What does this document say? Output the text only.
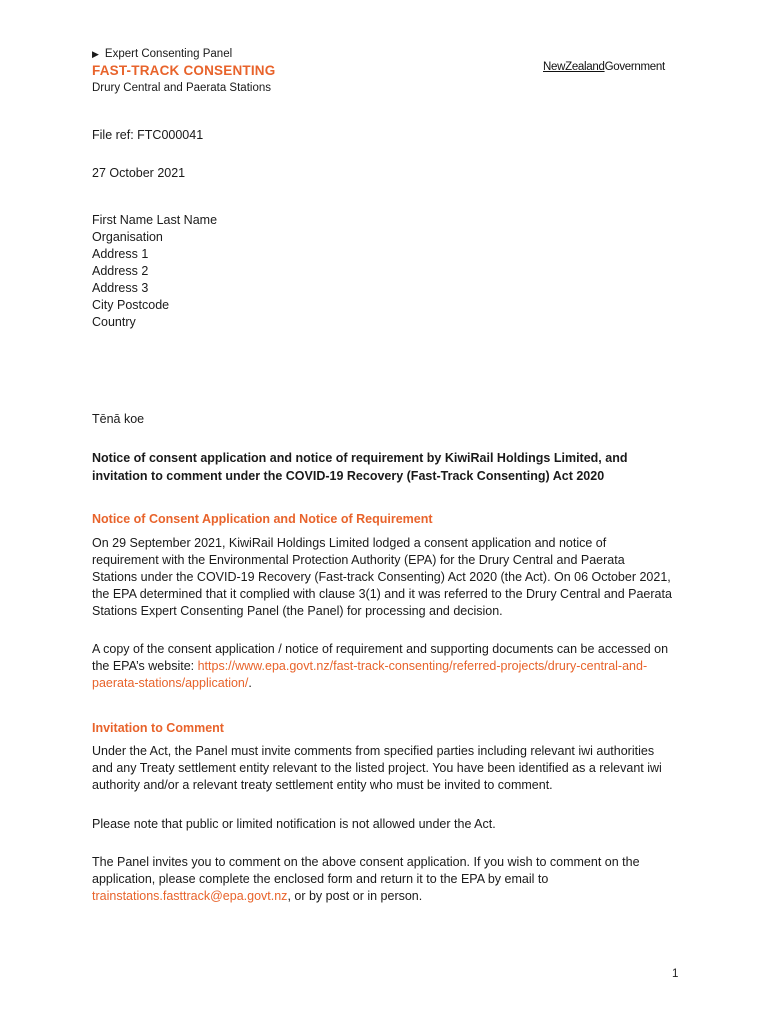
▶ Expert Consenting Panel
FAST-TRACK CONSENTING
Drury Central and Paerata Stations
NewZealandGovernment
File ref: FTC000041
27 October 2021
First Name Last Name
Organisation
Address 1
Address 2
Address 3
City Postcode
Country
Tēnā koe
Notice of consent application and notice of requirement by KiwiRail Holdings Limited, and invitation to comment under the COVID-19 Recovery (Fast-Track Consenting) Act 2020
Notice of Consent Application and Notice of Requirement
On 29 September 2021, KiwiRail Holdings Limited lodged a consent application and notice of requirement with the Environmental Protection Authority (EPA) for the Drury Central and Paerata Stations under the COVID-19 Recovery (Fast-track Consenting) Act 2020 (the Act). On 06 October 2021, the EPA determined that it complied with clause 3(1) and it was referred to the Drury Central and Paerata Stations Expert Consenting Panel (the Panel) for processing and decision.
A copy of the consent application / notice of requirement and supporting documents can be accessed on the EPA’s website: https://www.epa.govt.nz/fast-track-consenting/referred-projects/drury-central-and-paerata-stations/application/.
Invitation to Comment
Under the Act, the Panel must invite comments from specified parties including relevant iwi authorities and any Treaty settlement entity relevant to the listed project. You have been identified as a relevant iwi authority and/or a relevant treaty settlement entity who must be invited to comment.
Please note that public or limited notification is not allowed under the Act.
The Panel invites you to comment on the above consent application. If you wish to comment on the application, please complete the enclosed form and return it to the EPA by email to trainstations.fasttrack@epa.govt.nz, or by post or in person.
1
